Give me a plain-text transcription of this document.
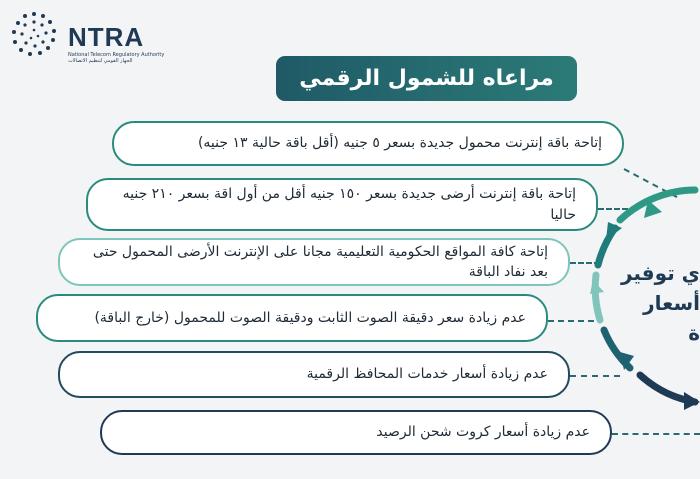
NTRA
National Telecom Regulatory Authority
الجهاز القومي لتنظيم الاتصالات
مراعاه للشمول الرقمي
إتاحة باقة إنترنت محمول جديدة بسعر ٥ جنيه (أقل باقة حالية ١٣ جنيه)
إتاحة باقة إنترنت أرضى جديدة بسعر ١٥٠ جنيه أقل من أول اقة بسعر ٢١٠ جنيه حاليا
إتاحة كافة المواقع الحكومية التعليمية مجانا على الإنترنت الأرضى المحمول حتى بعد نفاد الباقة
عدم زيادة سعر دقيقة الصوت الثابت ودقيقة الصوت للمحمول (خارج الباقة)
عدم زيادة أسعار خدمات المحافظ الرقمية
عدم زيادة أسعار كروت شحن الرصيد
ي توفير
أسعار
ة
